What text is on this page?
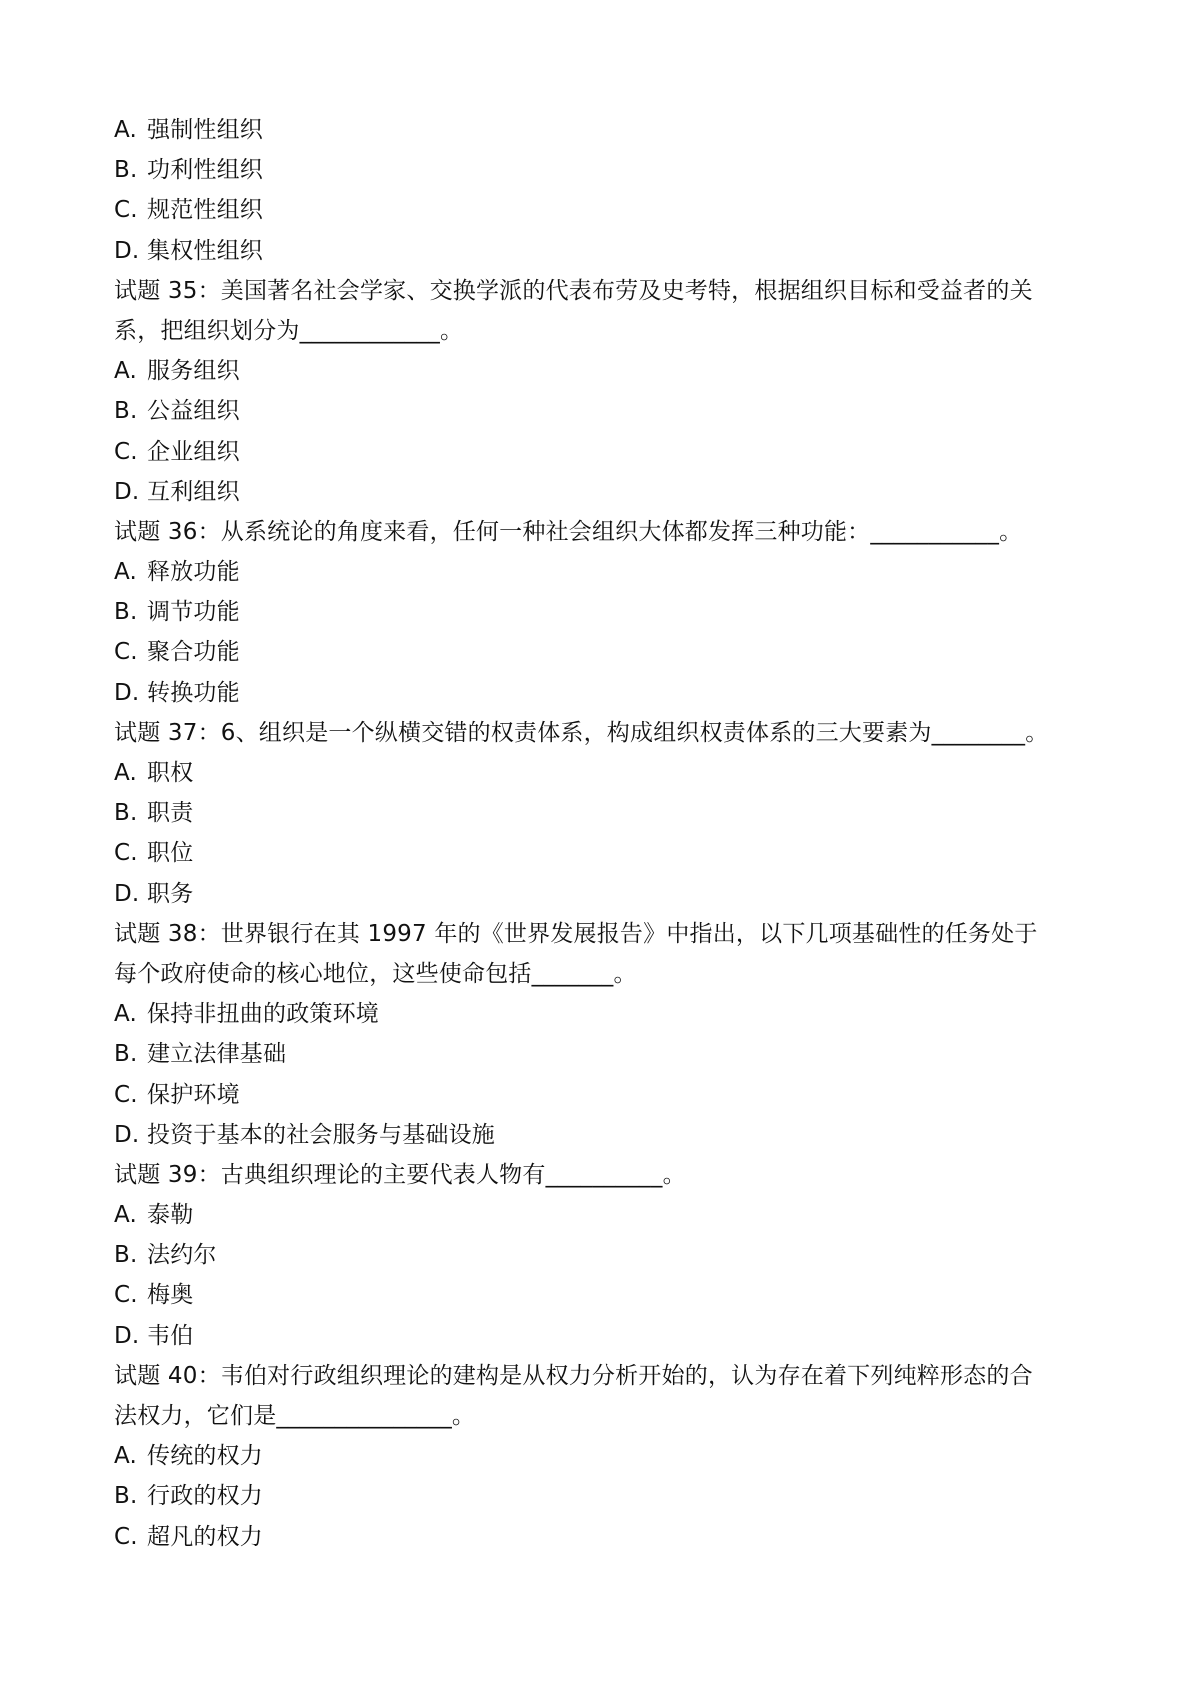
A. 强制性组织
B. 功利性组织
C. 规范性组织
D. 集权性组织
试题 35：美国著名社会学家、交换学派的代表布劳及史考特，根据组织目标和受益者的关
系，把组织划分为____________。
A. 服务组织
B. 公益组织
C. 企业组织
D. 互利组织
试题 36：从系统论的角度来看，任何一种社会组织大体都发挥三种功能：___________。
A. 释放功能
B. 调节功能
C. 聚合功能
D. 转换功能
试题 37：6、组织是一个纵横交错的权责体系，构成组织权责体系的三大要素为________。
A. 职权
B. 职责
C. 职位
D. 职务
试题 38：世界银行在其 1997 年的《世界发展报告》中指出，以下几项基础性的任务处于
每个政府使命的核心地位，这些使命包括_______。
A. 保持非扭曲的政策环境
B. 建立法律基础
C. 保护环境
D. 投资于基本的社会服务与基础设施
试题 39：古典组织理论的主要代表人物有__________。
A. 泰勒
B. 法约尔
C. 梅奥
D. 韦伯
试题 40：韦伯对行政组织理论的建构是从权力分析开始的，认为存在着下列纯粹形态的合
法权力，它们是_______________。
A. 传统的权力
B. 行政的权力
C. 超凡的权力
